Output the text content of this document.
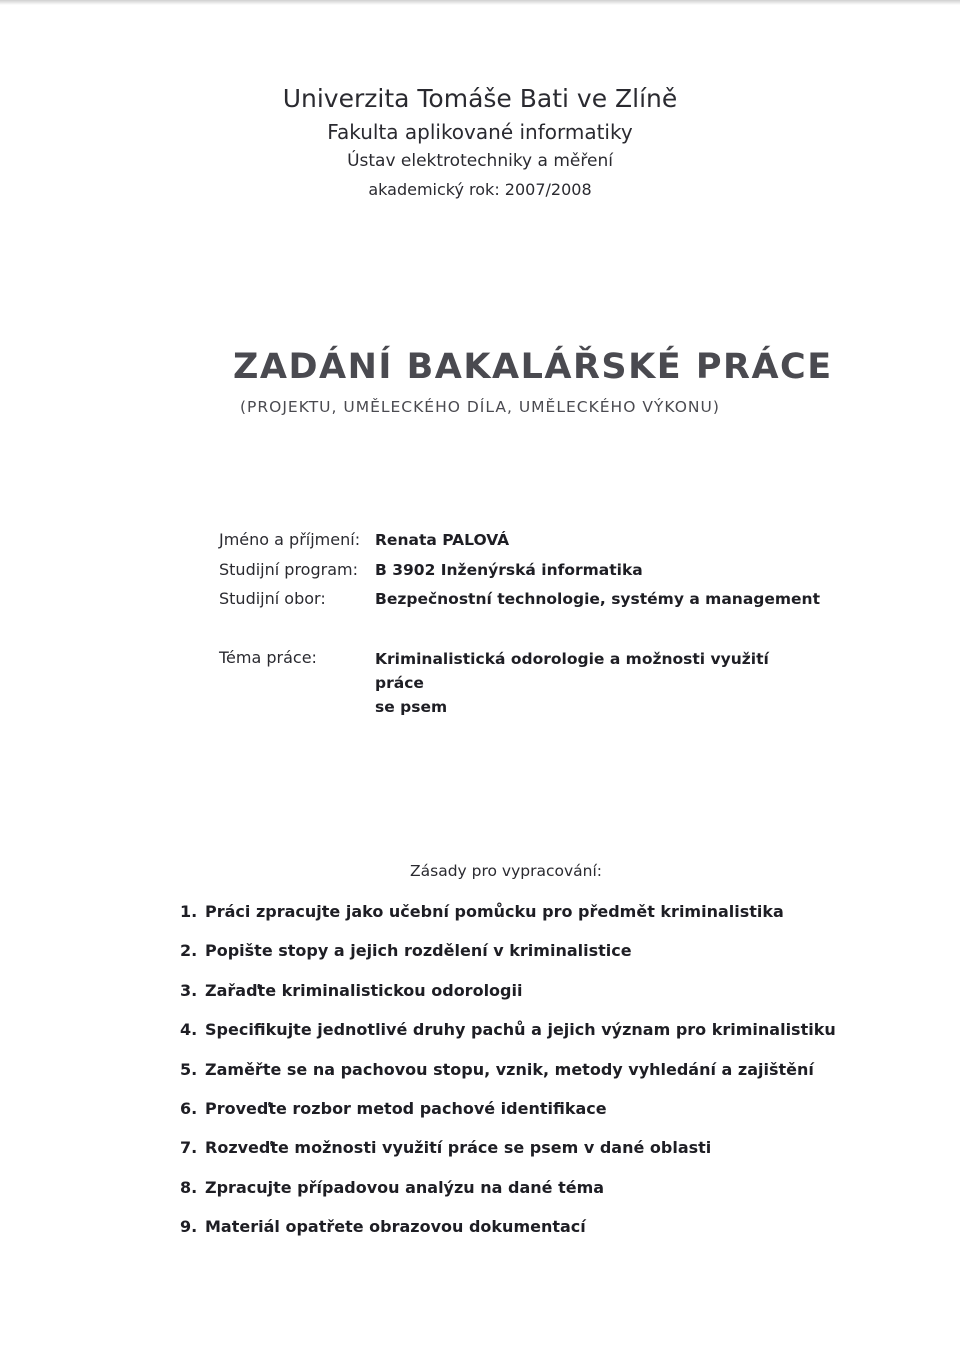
Univerzita Tomáše Bati ve Zlíně
Fakulta aplikované informatiky
Ústav elektrotechniky a měření
akademický rok: 2007/2008
ZADÁNÍ BAKALÁŘSKÉ PRÁCE
(PROJEKTU, UMĚLECKÉHO DÍLA, UMĚLECKÉHO VÝKONU)
Jméno a příjmení: Renata PALOVÁ
Studijní program: B 3902 Inženýrská informatika
Studijní obor:	Bezpečnostní technologie, systémy a management
Téma práce:	Kriminalistická odorologie a možnosti využití práce
se psem
Zásady pro vypracování:
1. Práci zpracujte jako učební pomůcku pro předmět kriminalistika
2. Popište stopy a jejich rozdělení v kriminalistice
3. Zařaďte kriminalistickou odorologii
4. Specifikujte jednotlivé druhy pachů a jejich význam pro kriminalistiku
5. Zaměřte se na pachovou stopu, vznik, metody vyhledání a zajištění
6. Proveďte rozbor metod pachové identifikace
7. Rozveďte možnosti využití práce se psem v dané oblasti
8. Zpracujte případovou analýzu na dané téma
9. Materiál opatřete obrazovou dokumentací
